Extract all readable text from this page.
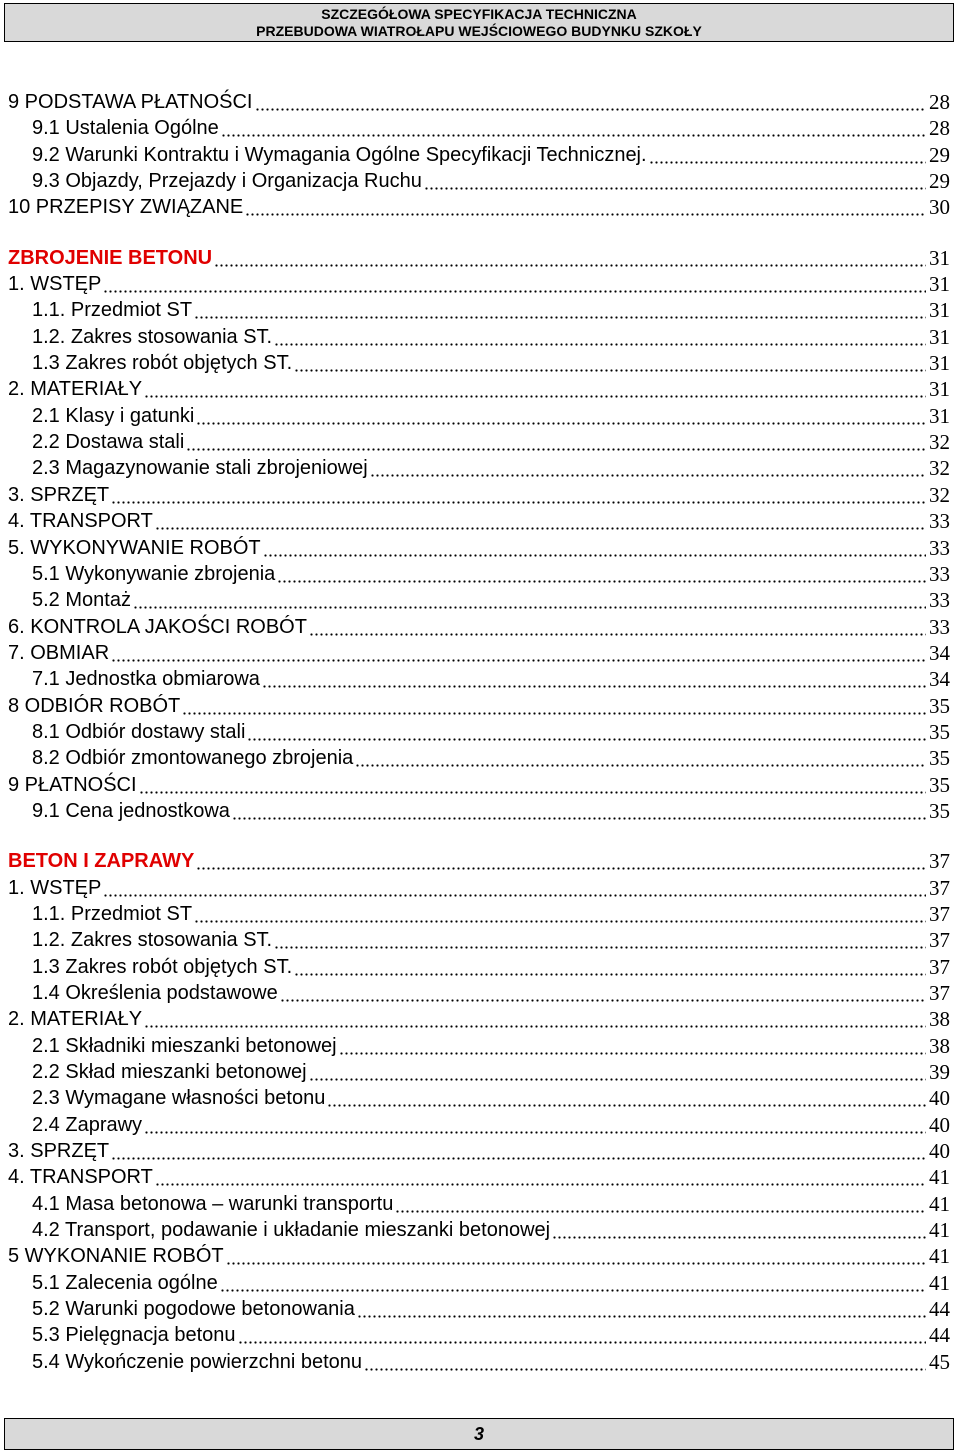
SZCZEGÓŁOWA SPECYFIKACJA TECHNICZNA
PRZEBUDOWA WIATROŁAPU WEJŚCIOWEGO BUDYNKU SZKOŁY
9 PODSTAWA PŁATNOŚCI	28
9.1 Ustalenia Ogólne	28
9.2 Warunki Kontraktu i Wymagania Ogólne Specyfikacji Technicznej.	29
9.3 Objazdy, Przejazdy i Organizacja Ruchu	29
10 PRZEPISY ZWIĄZANE	30
ZBROJENIE BETONU	31
1. WSTĘP	31
1.1. Przedmiot ST	31
1.2. Zakres stosowania ST.	31
1.3 Zakres robót objętych ST.	31
2. MATERIAŁY	31
2.1 Klasy i gatunki	31
2.2 Dostawa stali	32
2.3 Magazynowanie stali zbrojeniowej	32
3. SPRZĘT	32
4. TRANSPORT	33
5. WYKONYWANIE ROBÓT	33
5.1 Wykonywanie zbrojenia	33
5.2 Montaż	33
6. KONTROLA JAKOŚCI ROBÓT	33
7. OBMIAR	34
7.1 Jednostka obmiarowa	34
8 ODBIÓR ROBÓT	35
8.1 Odbiór dostawy stali	35
8.2 Odbiór zmontowanego zbrojenia	35
9 PŁATNOŚCI	35
9.1 Cena jednostkowa	35
BETON I ZAPRAWY	37
1. WSTĘP	37
1.1. Przedmiot ST	37
1.2. Zakres stosowania ST.	37
1.3 Zakres robót objętych ST.	37
1.4 Określenia podstawowe	37
2. MATERIAŁY	38
2.1 Składniki mieszanki betonowej	38
2.2 Skład mieszanki betonowej	39
2.3 Wymagane własności betonu	40
2.4 Zaprawy	40
3. SPRZĘT	40
4. TRANSPORT	41
4.1 Masa betonowa – warunki transportu	41
4.2 Transport, podawanie i układanie mieszanki betonowej	41
5 WYKONANIE ROBÓT	41
5.1 Zalecenia ogólne	41
5.2 Warunki pogodowe betonowania	44
5.3 Pielęgnacja betonu	44
5.4 Wykończenie powierzchni betonu	45
3
